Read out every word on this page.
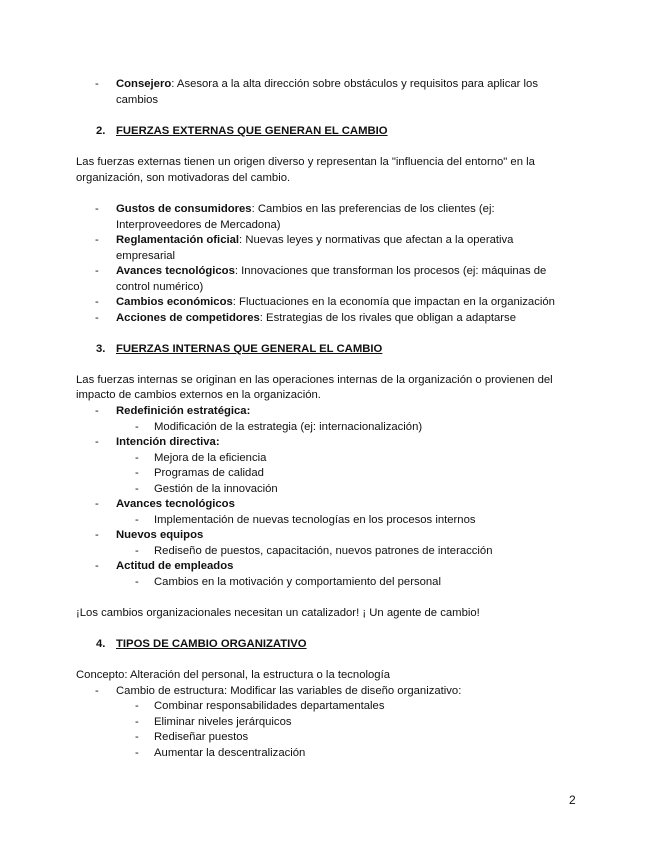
- Consejero: Asesora a la alta dirección sobre obstáculos y requisitos para aplicar los
cambios
2. FUERZAS EXTERNAS QUE GENERAN EL CAMBIO
Las fuerzas externas tienen un origen diverso y representan la "influencia del entorno" en la
organización, son motivadoras del cambio.
- Gustos de consumidores: Cambios en las preferencias de los clientes (ej:
Interproveedores de Mercadona)
- Reglamentación oficial: Nuevas leyes y normativas que afectan a la operativa
empresarial
- Avances tecnológicos: Innovaciones que transforman los procesos (ej: máquinas de
control numérico)
- Cambios económicos: Fluctuaciones en la economía que impactan en la organización
- Acciones de competidores: Estrategias de los rivales que obligan a adaptarse
3. FUERZAS INTERNAS QUE GENERAL EL CAMBIO
Las fuerzas internas se originan en las operaciones internas de la organización o provienen del
impacto de cambios externos en la organización.
- Redefinición estratégica:
- Modificación de la estrategia (ej: internacionalización)
- Intención directiva:
- Mejora de la eficiencia
- Programas de calidad
- Gestión de la innovación
- Avances tecnológicos
- Implementación de nuevas tecnologías en los procesos internos
- Nuevos equipos
- Rediseño de puestos, capacitación, nuevos patrones de interacción
- Actitud de empleados
- Cambios en la motivación y comportamiento del personal
¡Los cambios organizacionales necesitan un catalizador! ¡ Un agente de cambio!
4. TIPOS DE CAMBIO ORGANIZATIVO
Concepto: Alteración del personal, la estructura o la tecnología
- Cambio de estructura: Modificar las variables de diseño organizativo:
- Combinar responsabilidades departamentales
- Eliminar niveles jerárquicos
- Rediseñar puestos
- Aumentar la descentralización
2
